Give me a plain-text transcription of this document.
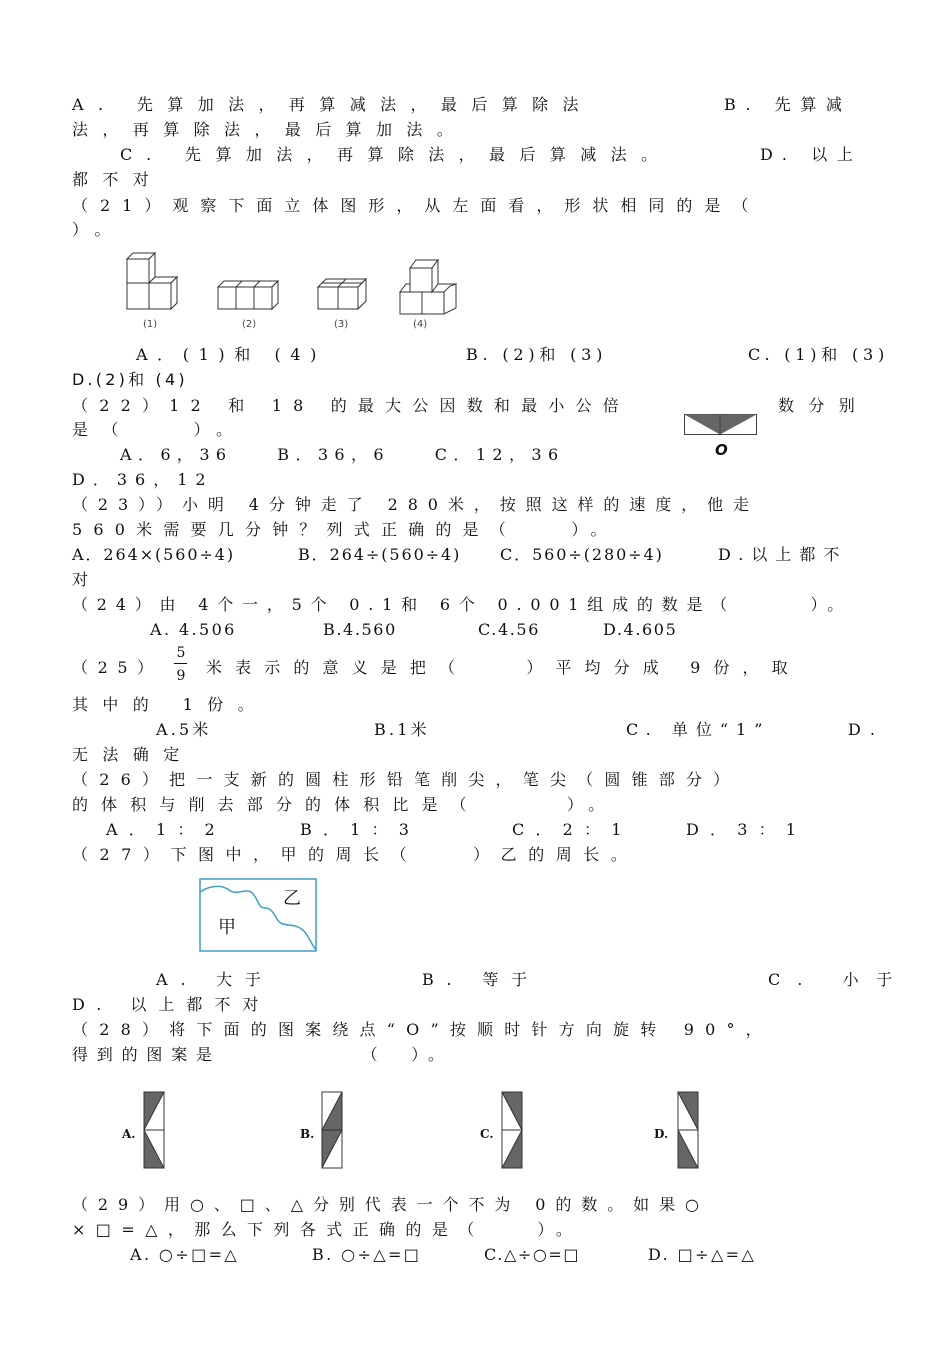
A. 先算加法，再算减法，最后算除法	B. 先算减
法，再算除法，最后算加法。
C. 先算加法，再算除法，最后算减法。	D. 以上
都不对
（21）观察下面立体图形，从左面看，形状相同的是（
）。
(1)	(2)	(3)	(4)
A．(1)和 (4)	B. (2)和 (3)	C. (1)和 (3)
D.(2)和 (4)
（22）12 和 18 的最大公因数和最小公倍	数分别
O
是（　　）。
A．6，36　　B．36，6　　C．12，36
D．36，12
（23））小明 4分钟走了 280米，按照这样的速度，他走
560米需要几分钟？列式正确的是（　　）。
A．264×(560÷4)	B．264÷(560÷4) C．560÷(280÷4)	D.以上都不
对
（24）由 4个一，5个 0.1和 6个 0.001组成的数是（　　　）。
A. 4.506	B.4.560	C.4.56	D.4.605
（25）
5
9 米表示的意义是把（　　）平均分成 9份，取
其中的 1份。
A.5米	B.1米	C. 单位“1”	D.
无法确定
（26）把一支新的圆柱形铅笔削尖，笔尖（圆锥部分）
的体积与削去部分的体积比是（　　　）。
A．1：2	B．1：3	C．2：1	D．3：1
（27）下图中，甲的周长（　　）乙的周长。
甲
乙
A. 大于	B. 等于	C. 小于
D. 以上都不对
（28）将下面的图案绕点“O”按顺时针方向旋转 90°，
得到的图案是　　　　　　（　）。
A.	B.	C.	D.
（29）用○、□、△分别代表一个不为 0的数。如果○
×□=△，那么下列各式正确的是（　　）。
A. ○÷□=△	B. ○÷△=□	C.△÷○=□	D. □÷△=△
